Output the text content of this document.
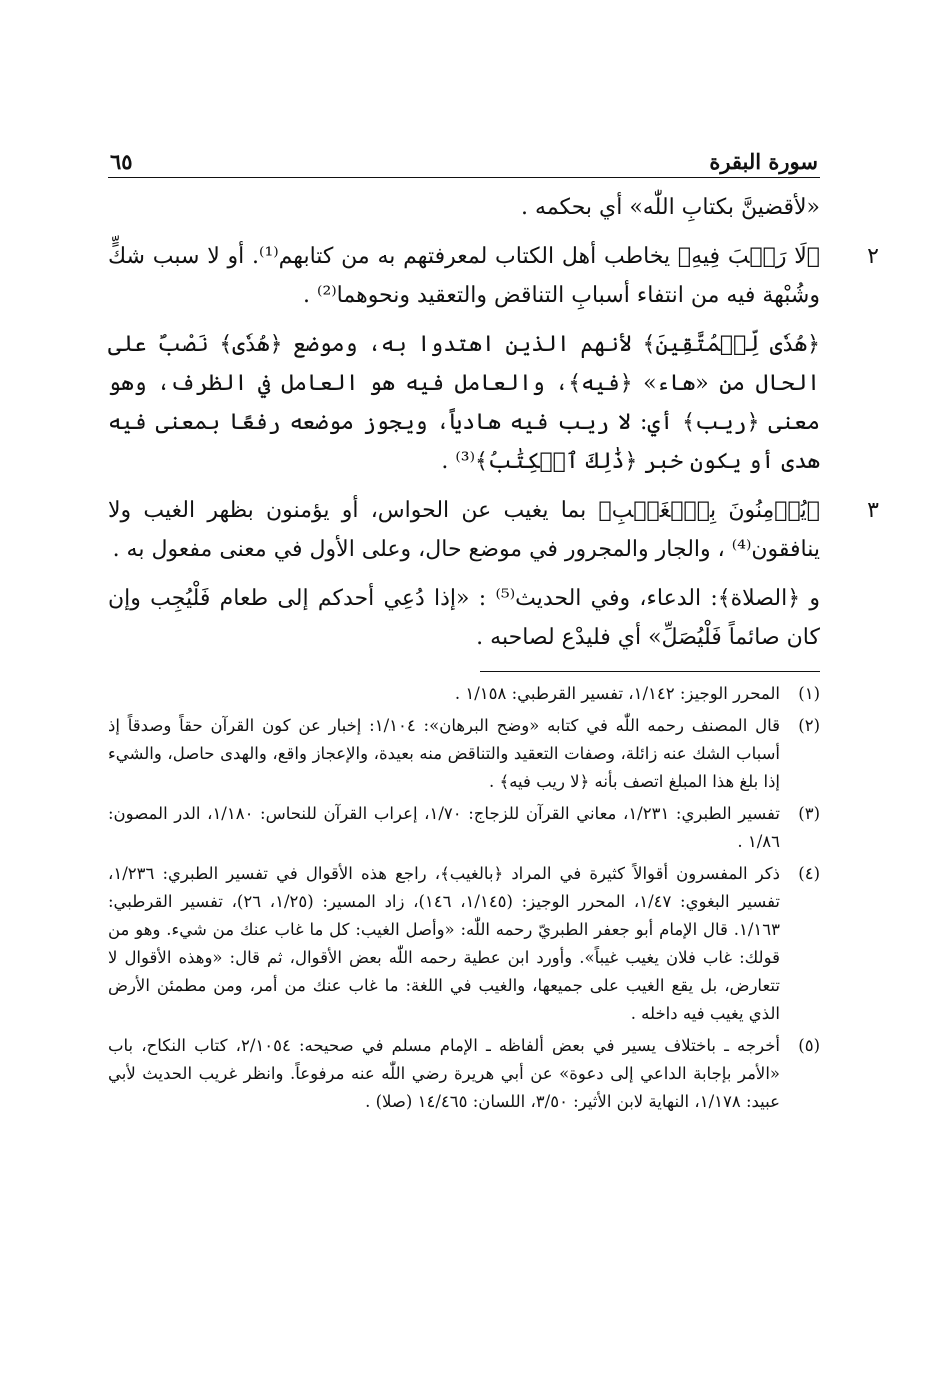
سورة البقرة
٦٥

«لأقضينَّ بكتابِ اللّٰه» أي بحكمه .

٢

﴿لَا رَيۡبَ فِيهِ﴾ يخاطب أهل الكتاب لمعرفتهم به من كتابهم⁽¹⁾. أو لا سبب شكٍّ وشُبْهة فيه من انتفاء أسبابِ التناقض والتعقيد ونحوهما⁽²⁾ .

﴿هُدٗى لِّلۡمُتَّقِينَ﴾ لأنهم الذين اهتدوا به، وموضع ﴿هُدٗى﴾ نَصْبٌ على الحال من «هاء» ﴿فيه﴾، والعامل فيه هو العامل في الظرف، وهو معنى ﴿ريب﴾ أي: لا ريب فيه هادياً، ويجوز موضعه رفعًا بمعنى فيه هدى أو يكون خبر ﴿ذَٰلِكَ ٱلۡكِتَٰبُ﴾⁽³⁾ .

٣

﴿يُؤۡمِنُونَ بِٱلۡغَيۡبِ﴾ بما يغيب عن الحواس، أو يؤمنون بظهر الغيب ولا ينافقون⁽⁴⁾ ، والجار والمجرور في موضع حال، وعلى الأول في معنى مفعول به .

و ﴿الصلاة﴾: الدعاء، وفي الحديث⁽⁵⁾ : «إذا دُعِي أحدكم إلى طعام فَلْيُجِب وإن كان صائماً فَلْيُصَلِّ» أي فليدْع لصاحبه .

(١)
المحرر الوجيز: ١/١٤٢، تفسير القرطبي: ١/١٥٨ .

(٢)
قال المصنف رحمه اللّٰه في كتابه «وضح البرهان»: ١/١٠٤: إخبار عن كون القرآن حقاً وصدقاً إذ أسباب الشك عنه زائلة، وصفات التعقيد والتناقض منه بعيدة، والإعجاز واقع، والهدى حاصل، والشيء إذا بلغ هذا المبلغ اتصف بأنه ﴿لا ريب فيه﴾ .

(٣)
تفسير الطبري: ١/٢٣١، معاني القرآن للزجاج: ١/٧٠، إعراب القرآن للنحاس: ١/١٨٠، الدر المصون: ١/٨٦ .

(٤)
ذكر المفسرون أقوالاً كثيرة في المراد ﴿بالغيب﴾، راجع هذه الأقوال في تفسير الطبري: ١/٢٣٦، تفسير البغوي: ١/٤٧، المحرر الوجيز: (١/١٤٥، ١٤٦)، زاد المسير: (١/٢٥، ٢٦)، تفسير القرطبي: ١/١٦٣. قال الإمام أبو جعفر الطبريّ رحمه اللّٰه: «وأصل الغيب: كل ما غاب عنك من شيء. وهو من قولك: غاب فلان يغيب غيباً». وأورد ابن عطية رحمه اللّٰه بعض الأقوال، ثم قال: «وهذه الأقوال لا تتعارض، بل يقع الغيب على جميعها، والغيب في اللغة: ما غاب عنك من أمر، ومن مطمئن الأرض الذي يغيب فيه داخله .

(٥)
أخرجه ـ باختلاف يسير في بعض ألفاظه ـ الإمام مسلم في صحيحه: ٢/١٠٥٤، كتاب النكاح، باب «الأمر بإجابة الداعي إلى دعوة» عن أبي هريرة رضي اللّٰه عنه مرفوعاً. وانظر غريب الحديث لأبي عبيد: ١/١٧٨، النهاية لابن الأثير: ٣/٥٠، اللسان: ١٤/٤٦٥ (صلا) .
